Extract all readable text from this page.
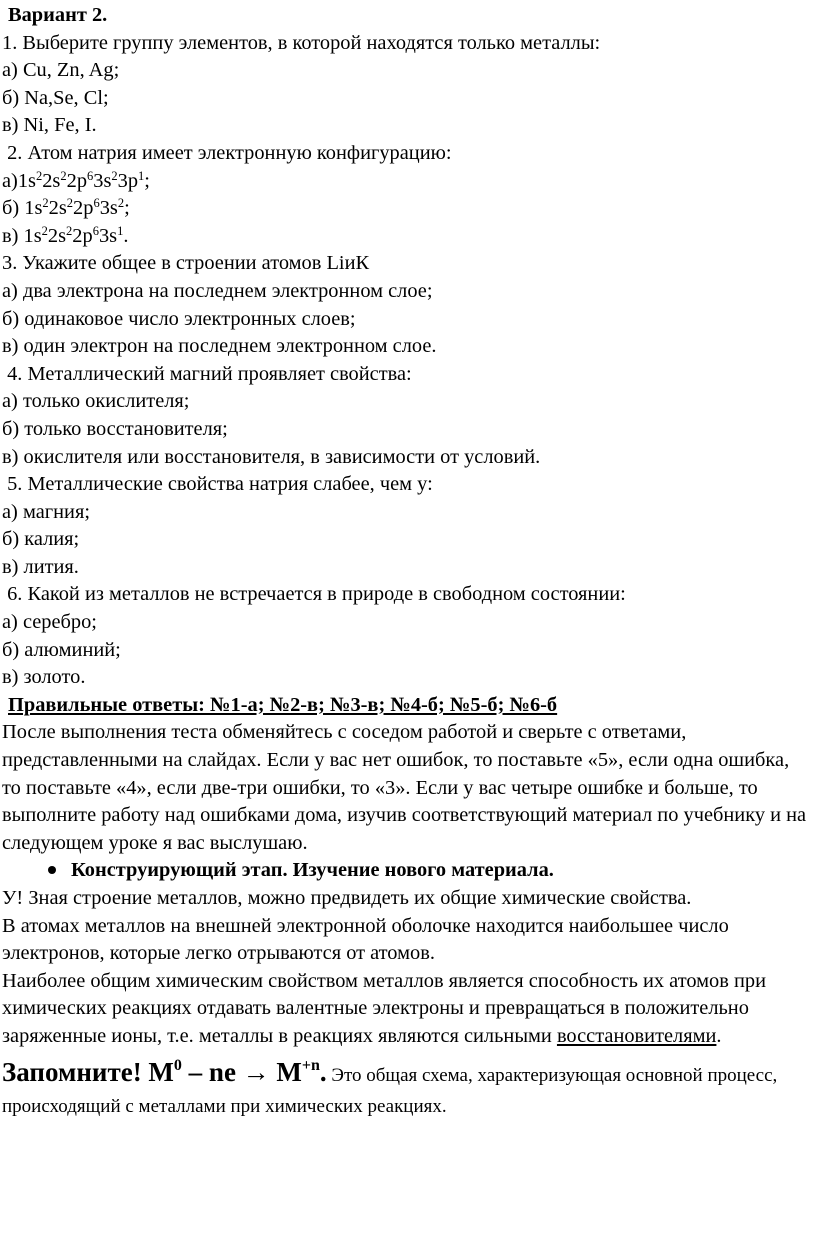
Вариант 2.
1. Выберите группу элементов, в которой находятся только металлы:
а) Cu, Zn, Ag;
б) Na,Se, Cl;
в) Ni, Fe, I.
2. Атом натрия имеет электронную конфигурацию:
$а)1s^22s^22p^63s^23p^1$;
б) $1s^22s^22p^63s^2$;
в) $1s^22s^22p^63s^1$.
3. Укажите общее в строении атомов LiиК
а) два электрона на последнем электронном слое;
б) одинаковое число электронных слоев;
в) один электрон на последнем электронном слое.
4. Металлический магний проявляет свойства:
а) только окислителя;
б) только восстановителя;
в) окислителя или восстановителя, в зависимости от условий.
5. Металлические свойства натрия слабее, чем у:
а) магния;
б) калия;
в) лития.
6. Какой из металлов не встречается в природе в свободном состоянии:
а) серебро;
б) алюминий;
в) золото.
Правильные ответы: №1-а; №2-в; №3-в; №4-б; №5-б; №6-б
После выполнения теста обменяйтесь с соседом работой и сверьте с ответами, представленными на слайдах. Если у вас нет ошибок, то поставьте «5», если одна ошибка, то поставьте «4», если две-три ошибки, то «3». Если у вас четыре ошибке и больше, то выполните работу над ошибками дома, изучив соответствующий материал по учебнику и на следующем уроке я вас выслушаю.
Конструирующий этап. Изучение нового материала.
У! Зная строение металлов, можно предвидеть их общие химические свойства.
В атомах металлов на внешней электронной оболочке находится наибольшее число электронов, которые легко отрываются от атомов.
Наиболее общим химическим свойством металлов является способность их атомов при химических реакциях отдавать валентные электроны и превращаться в положительно заряженные ионы, т.е. металлы в реакциях являются сильными восстановителями.
Запомните! $М^0$ – ne → $M^{+n}$. Это общая схема, характеризующая основной процесс, происходящий с металлами при химических реакциях.
